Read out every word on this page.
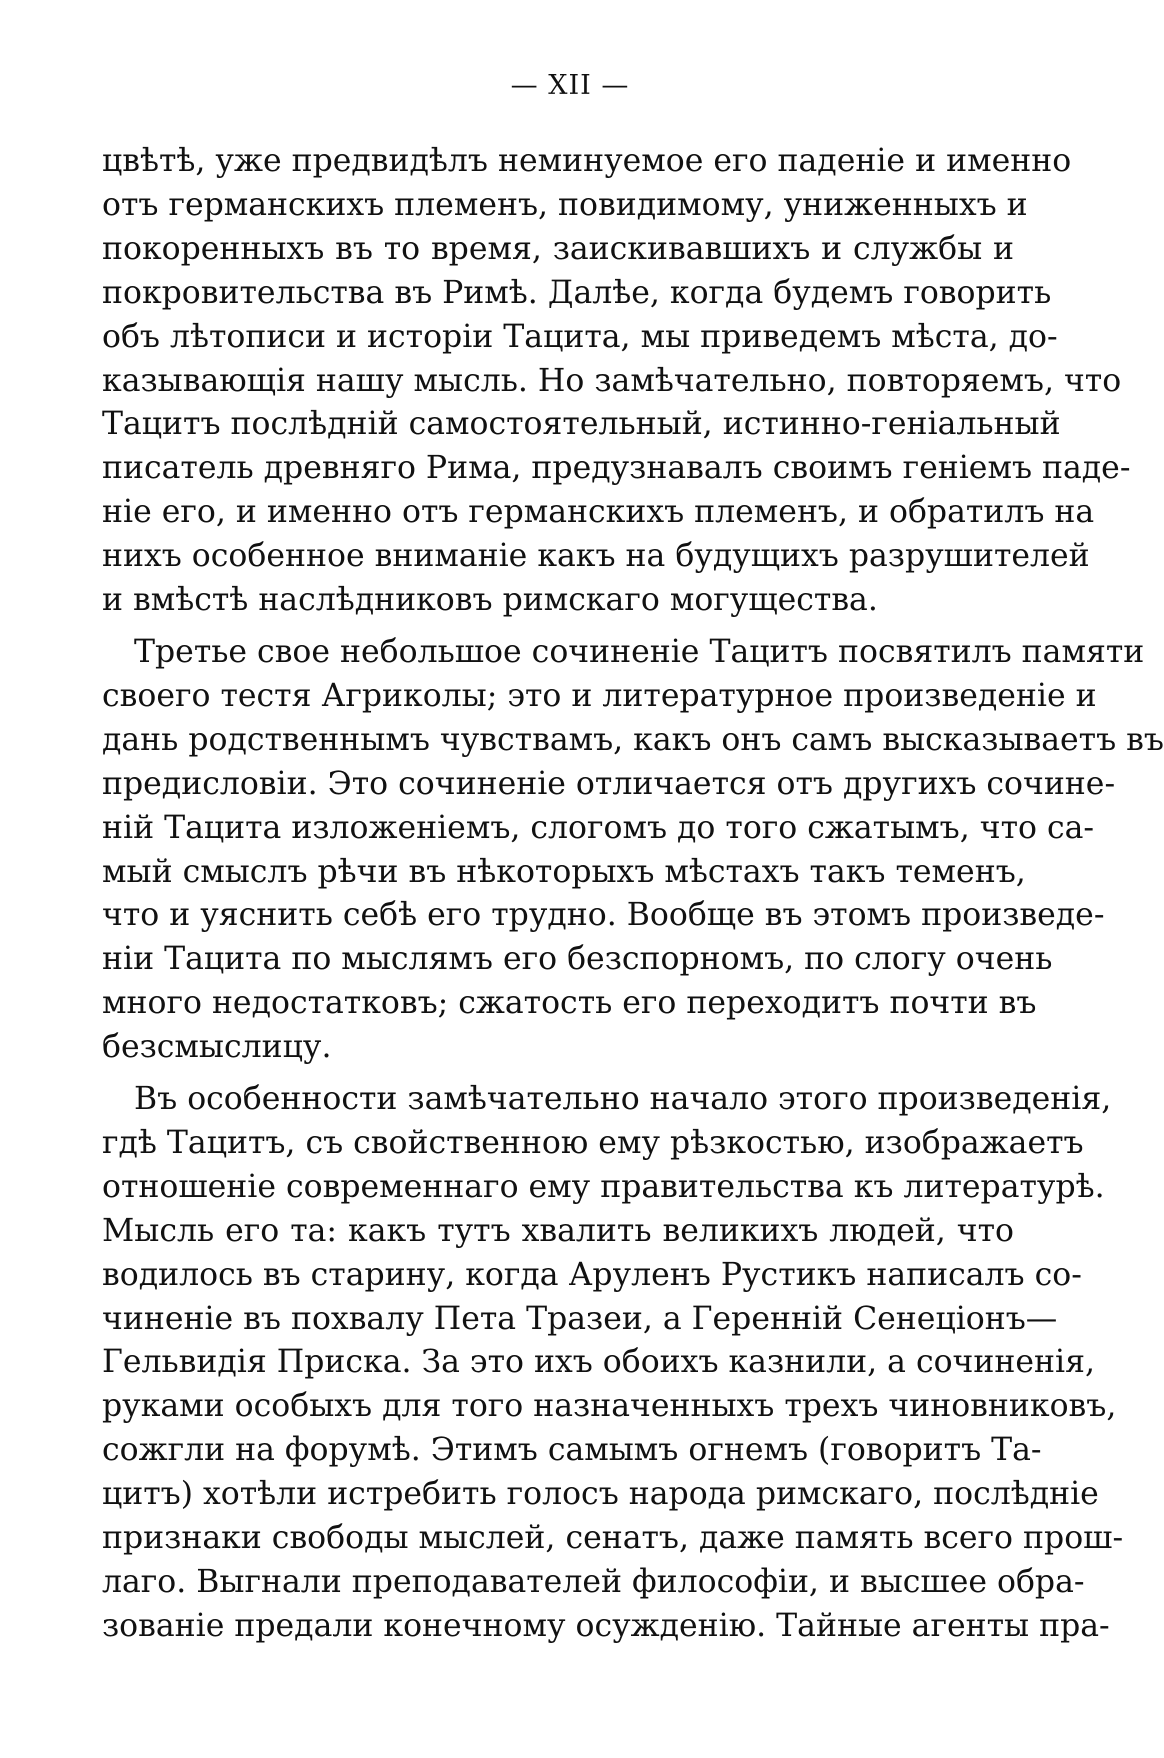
— XII —
цвѣтѣ, уже предвидѣлъ неминуемое его паденіе и именно
отъ германскихъ племенъ, повидимому, униженныхъ и
покоренныхъ въ то время, заискивавшихъ и службы и
покровительства въ Римѣ. Далѣе, когда будемъ говорить
объ лѣтописи и исторіи Тацита, мы приведемъ мѣста, до-
казывающія нашу мысль. Но замѣчательно, повторяемъ, что
Тацитъ послѣдній самостоятельный, истинно-геніальный
писатель древняго Рима, предузнавалъ своимъ геніемъ паде-
ніе его, и именно отъ германскихъ племенъ, и обратилъ на
нихъ особенное вниманіе какъ на будущихъ разрушителей
и вмѣстѣ наслѣдниковъ римскаго могущества.
Третье свое небольшое сочиненіе Тацитъ посвятилъ памяти
своего тестя Агриколы; это и литературное произведеніе и
дань родственнымъ чувствамъ, какъ онъ самъ высказываетъ въ
предисловіи. Это сочиненіе отличается отъ другихъ сочине-
ній Тацита изложеніемъ, слогомъ до того сжатымъ, что са-
мый смыслъ рѣчи въ нѣкоторыхъ мѣстахъ такъ теменъ,
что и уяснить себѣ его трудно. Вообще въ этомъ произведе-
ніи Тацита по мыслямъ его безспорномъ, по слогу очень
много недостатковъ; сжатость его переходитъ почти въ
безсмыслицу.
Въ особенности замѣчательно начало этого произведенія,
гдѣ Тацитъ, съ свойственною ему рѣзкостью, изображаетъ
отношеніе современнаго ему правительства къ литературѣ.
Мысль его та: какъ тутъ хвалить великихъ людей, что
водилось въ старину, когда Аруленъ Рустикъ написалъ со-
чиненіе въ похвалу Пета Тразеи, а Геренній Сенеціонъ—
Гельвидія Приска. За это ихъ обоихъ казнили, а сочиненія,
руками особыхъ для того назначенныхъ трехъ чиновниковъ,
сожгли на форумѣ. Этимъ самымъ огнемъ (говоритъ Та-
цитъ) хотѣли истребить голосъ народа римскаго, послѣдніе
признаки свободы мыслей, сенатъ, даже память всего прош-
лаго. Выгнали преподавателей философіи, и высшее обра-
зованіе предали конечному осужденію. Тайные агенты пра-
